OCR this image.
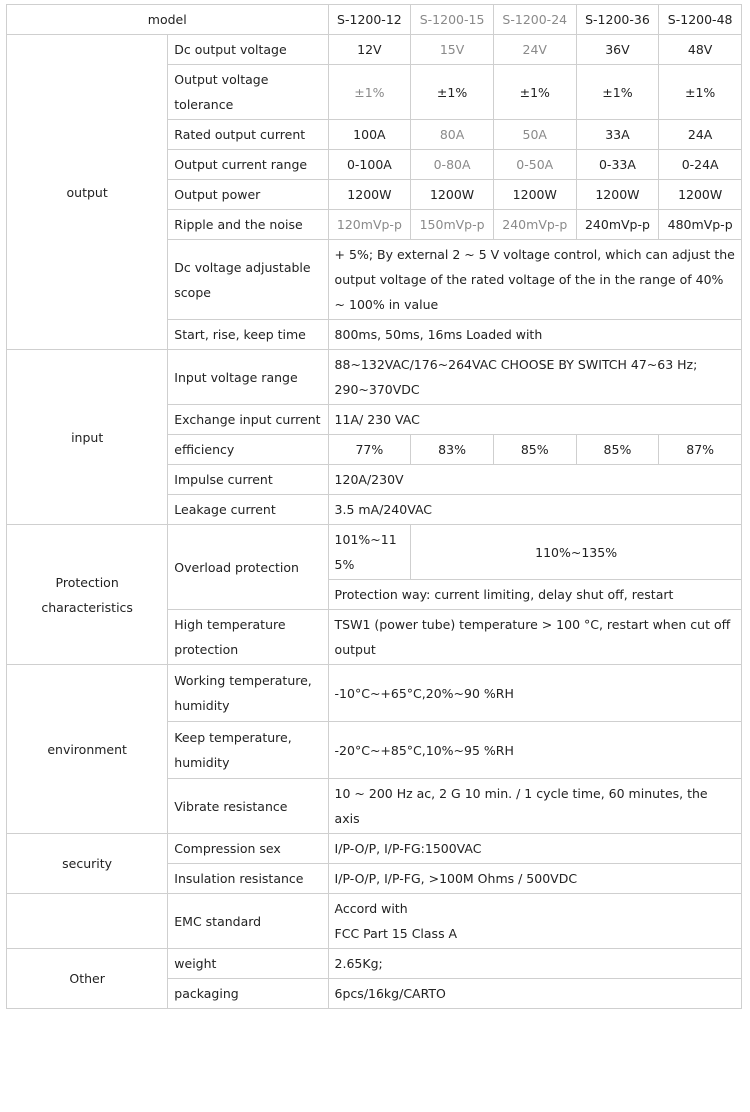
model		S-1200-12	S-1200-15	S-1200-24	S-1200-36	S-1200-48
output	Dc output voltage	12V	15V	24V	36V	48V
	Output voltage tolerance	±1%	±1%	±1%	±1%	±1%
	Rated output current	100A	80A	50A	33A	24A
	Output current range	0-100A	0-80A	0-50A	0-33A	0-24A
	Output power	1200W	1200W	1200W	1200W	1200W
	Ripple and the noise	120mVp-p	150mVp-p	240mVp-p	240mVp-p	480mVp-p
	Dc voltage adjustable scope	+ 5%; By external 2 ~ 5 V voltage control, which can adjust the output voltage of the rated voltage of the in the range of 40% ~ 100% in value				
	Start, rise, keep time	800ms, 50ms, 16ms Loaded with				
input	Input voltage range	88~132VAC/176~264VAC CHOOSE BY SWITCH 47~63 Hz; 290~370VDC				
	Exchange input current	11A/ 230 VAC				
	efficiency	77%	83%	85%	85%	87%
	Impulse current	120A/230V				
	Leakage current	3.5 mA/240VAC				
Protection characteristics	Overload protection	101%~115%	110%~135%			
		Protection way: current limiting, delay shut off, restart				
	High temperature protection	TSW1 (power tube) temperature > 100 °C, restart when cut off output				
environment	Working temperature, humidity	-10°C~+65°C,20%~90 %RH				
	Keep temperature, humidity	-20°C~+85°C,10%~95 %RH				
	Vibrate resistance	10 ~ 200 Hz ac, 2 G 10 min. / 1 cycle time, 60 minutes, the axis				
security	Compression sex	I/P-O/P, I/P-FG:1500VAC				
	Insulation resistance	I/P-O/P, I/P-FG, >100M Ohms / 500VDC				
	EMC standard	Accord with
FCC Part 15 Class A				

Other	weight	2.65Kg;				
	packaging	6pcs/16kg/CARTO				
